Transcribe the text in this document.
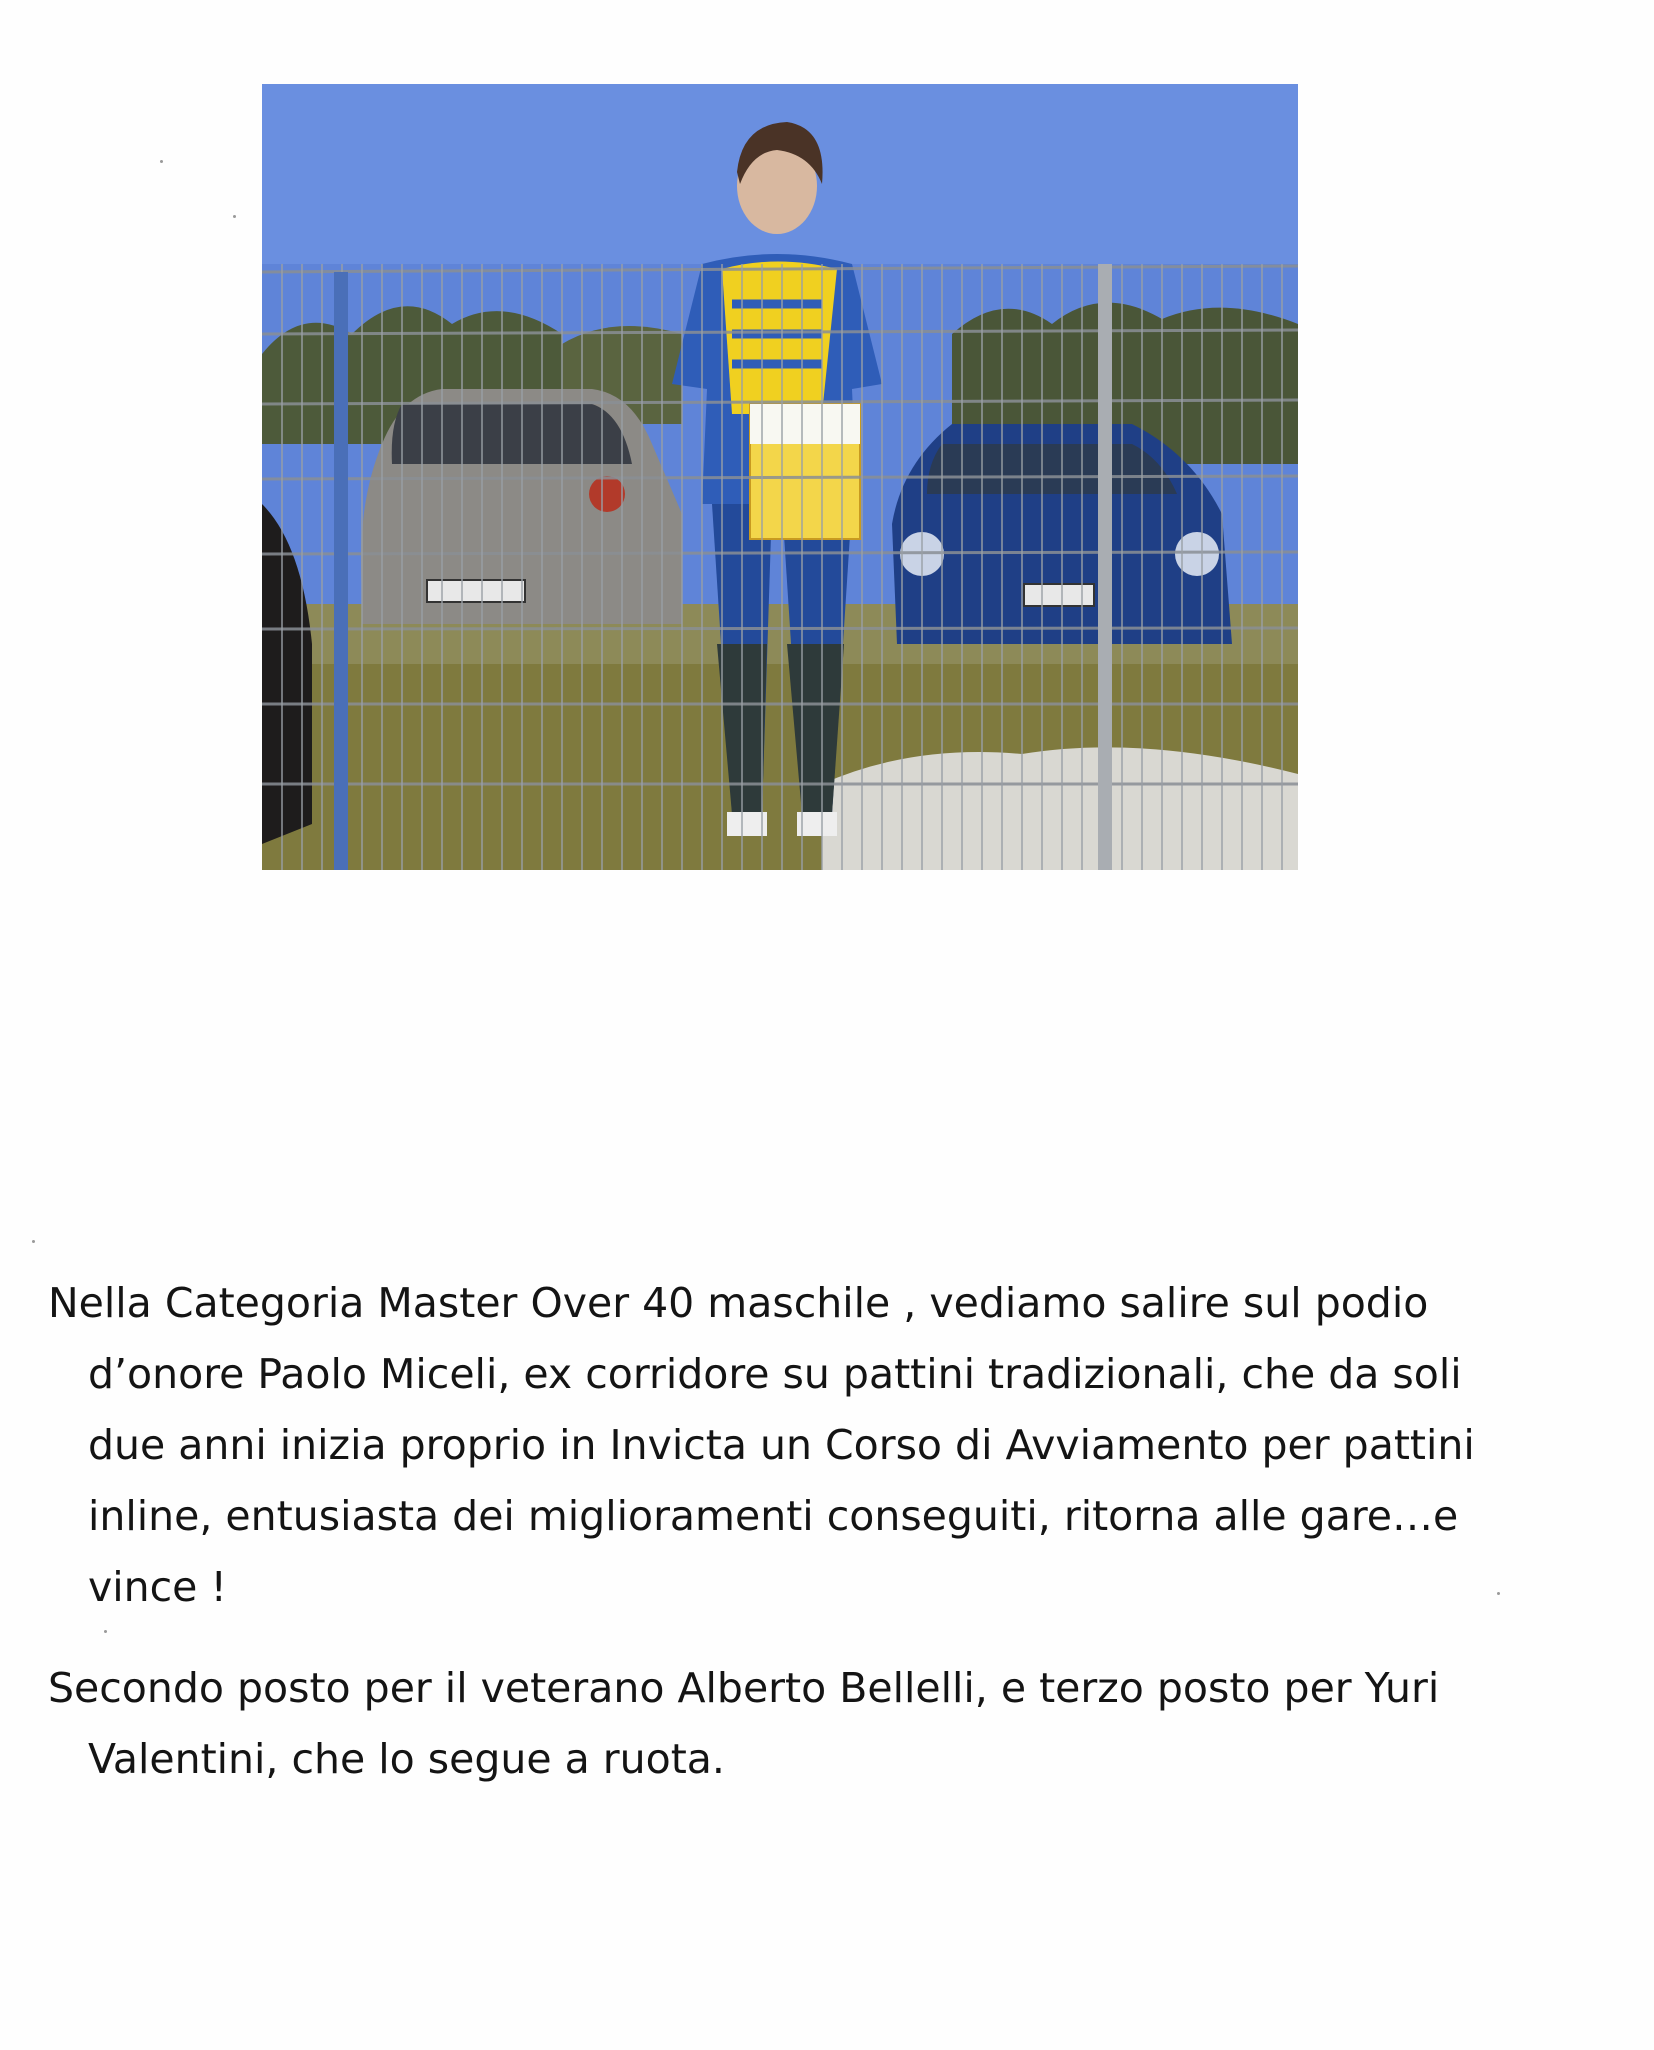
Nella Categoria Master Over 40 maschile , vediamo salire sul podio d’onore Paolo Miceli, ex corridore su pattini tradizionali, che da soli due anni inizia proprio in Invicta un Corso di Avviamento per pattini inline, entusiasta dei miglioramenti conseguiti, ritorna alle gare…e vince !

Secondo posto per il veterano Alberto Bellelli, e terzo posto per Yuri Valentini, che lo segue a ruota.
